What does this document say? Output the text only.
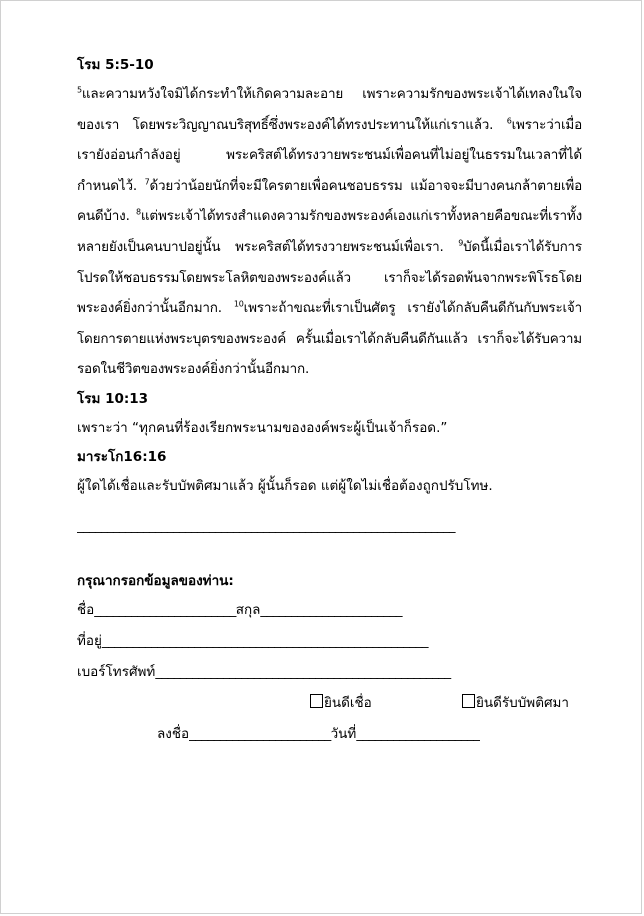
โรม 5:5-10
$^5$และความหวังใจมิได้กระทำให้เกิดความละอาย เพราะความรักของพระเจ้าได้เทลงในใจของเรา โดยพระวิญญาณบริสุทธิ์ซึ่งพระองค์ได้ทรงประทานให้แก่เราแล้ว. $^6$เพราะว่าเมื่อเรายังอ่อนกำลังอยู่ พระคริสต์ได้ทรงวายพระชนม์เพื่อคนที่ไม่อยู่ในธรรมในเวลาที่ได้กำหนดไว้. $^7$ด้วยว่าน้อยนักที่จะมีใครตายเพื่อคนชอบธรรม แม้อาจจะมีบางคนกล้าตายเพื่อคนดีบ้าง. $^8$แต่พระเจ้าได้ทรงสำแดงความรักของพระองค์เองแก่เราทั้งหลายคือขณะที่เราทั้งหลายยังเป็นคนบาปอยู่นั้น พระคริสต์ได้ทรงวายพระชนม์เพื่อเรา. $^9$บัดนี้เมื่อเราได้รับการโปรดให้ชอบธรรมโดยพระโลหิตของพระองค์แล้ว เราก็จะได้รอดพ้นจากพระพิโรธโดยพระองค์ยิ่งกว่านั้นอีกมาก. $^{10}$เพราะถ้าขณะที่เราเป็นศัตรู เรายังได้กลับคืนดีกันกับพระเจ้าโดยการตายแห่งพระบุตรของพระองค์ ครั้นเมื่อเราได้กลับคืนดีกันแล้ว เราก็จะได้รับความรอดในชีวิตของพระองค์ยิ่งกว่านั้นอีกมาก.
โรม 10:13
เพราะว่า “ทุกคนที่ร้องเรียกพระนามขององค์พระผู้เป็นเจ้าก็รอด.”
มาระโก16:16
ผู้ใดได้เชื่อและรับบัพติศมาแล้ว ผู้นั้นก็รอด แต่ผู้ใดไม่เชื่อต้องถูกปรับโทษ.
_______________________________________________________________
กรุณากรอกข้อมูลของท่าน:
ชื่อ_______________________สกุล_______________________
ที่อยู่_____________________________________________________
เบอร์โทรศัพท์________________________________________________
ยินดีเชื่อ	ยินดีรับบัพติศมา
ลงชื่อ_______________________วันที่____________________
